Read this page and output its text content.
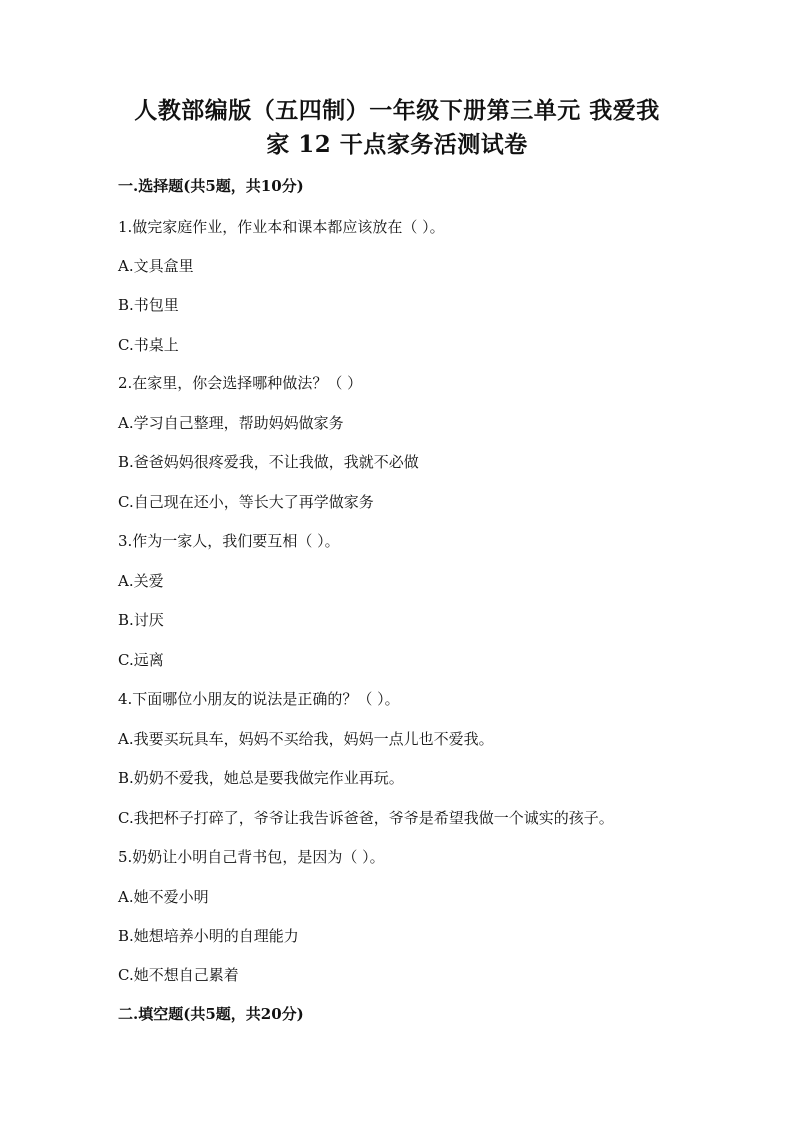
人教部编版（五四制）一年级下册第三单元 我爱我
家 12 干点家务活测试卷
一.选择题(共5题，共10分)
1.做完家庭作业，作业本和课本都应该放在（ ）。
A.文具盒里
B.书包里
C.书桌上
2.在家里，你会选择哪种做法？（ ）
A.学习自己整理，帮助妈妈做家务
B.爸爸妈妈很疼爱我，不让我做，我就不必做
C.自己现在还小，等长大了再学做家务
3.作为一家人，我们要互相（ ）。
A.关爱
B.讨厌
C.远离
4.下面哪位小朋友的说法是正确的？（ ）。
A.我要买玩具车，妈妈不买给我，妈妈一点儿也不爱我。
B.奶奶不爱我，她总是要我做完作业再玩。
C.我把杯子打碎了，爷爷让我告诉爸爸，爷爷是希望我做一个诚实的孩子。
5.奶奶让小明自己背书包，是因为（ ）。
A.她不爱小明
B.她想培养小明的自理能力
C.她不想自己累着
二.填空题(共5题，共20分)
